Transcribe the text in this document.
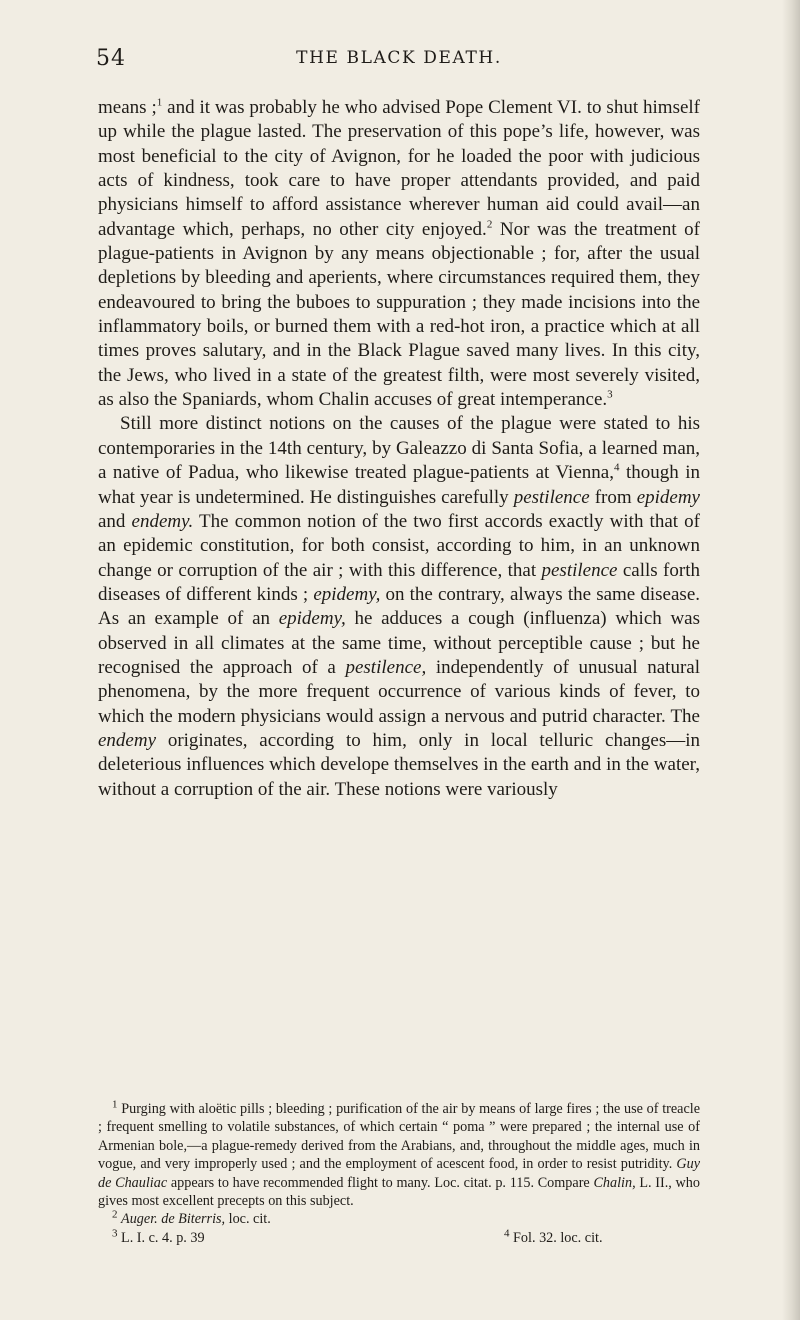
54	THE BLACK DEATH.

means ;$^1$ and it was probably he who advised Pope Clement VI. to shut himself up while the plague lasted. The preservation of this pope’s life, however, was most beneficial to the city of Avignon, for he loaded the poor with judicious acts of kindness, took care to have proper attendants provided, and paid physicians himself to afford assistance wherever human aid could avail—an advantage which, perhaps, no other city enjoyed.$^2$ Nor was the treatment of plague-patients in Avignon by any means objectionable ; for, after the usual depletions by bleeding and aperients, where circumstances required them, they endeavoured to bring the buboes to suppuration ; they made incisions into the inflammatory boils, or burned them with a red-hot iron, a practice which at all times proves salutary, and in the Black Plague saved many lives. In this city, the Jews, who lived in a state of the greatest filth, were most severely visited, as also the Spaniards, whom Chalin accuses of great intemperance.$^3$

Still more distinct notions on the causes of the plague were stated to his contemporaries in the 14th century, by Galeazzo di Santa Sofia, a learned man, a native of Padua, who likewise treated plague-patients at Vienna,$^4$ though in what year is undetermined. He distinguishes carefully pestilence from epidemy and endemy. The common notion of the two first accords exactly with that of an epidemic constitution, for both consist, according to him, in an unknown change or corruption of the air ; with this difference, that pestilence calls forth diseases of different kinds ; epidemy, on the contrary, always the same disease. As an example of an epidemy, he adduces a cough (influenza) which was observed in all climates at the same time, without perceptible cause ; but he recognised the approach of a pestilence, independently of unusual natural phenomena, by the more frequent occurrence of various kinds of fever, to which the modern physicians would assign a nervous and putrid character. The endemy originates, according to him, only in local telluric changes—in deleterious influences which develope themselves in the earth and in the water, without a corruption of the air. These notions were variously

$^1$ Purging with aloëtic pills ; bleeding ; purification of the air by means of large fires ; the use of treacle ; frequent smelling to volatile substances, of which certain “ poma ” were prepared ; the internal use of Armenian bole,—a plague-remedy derived from the Arabians, and, throughout the middle ages, much in vogue, and very improperly used ; and the employment of acescent food, in order to resist putridity. Guy de Chauliac appears to have recommended flight to many. Loc. citat. p. 115. Compare Chalin, L. II., who gives most excellent precepts on this subject.

$^2$ Auger. de Biterris, loc. cit.

$^3$ L. I. c. 4. p. 39	$^4$ Fol. 32. loc. cit.
